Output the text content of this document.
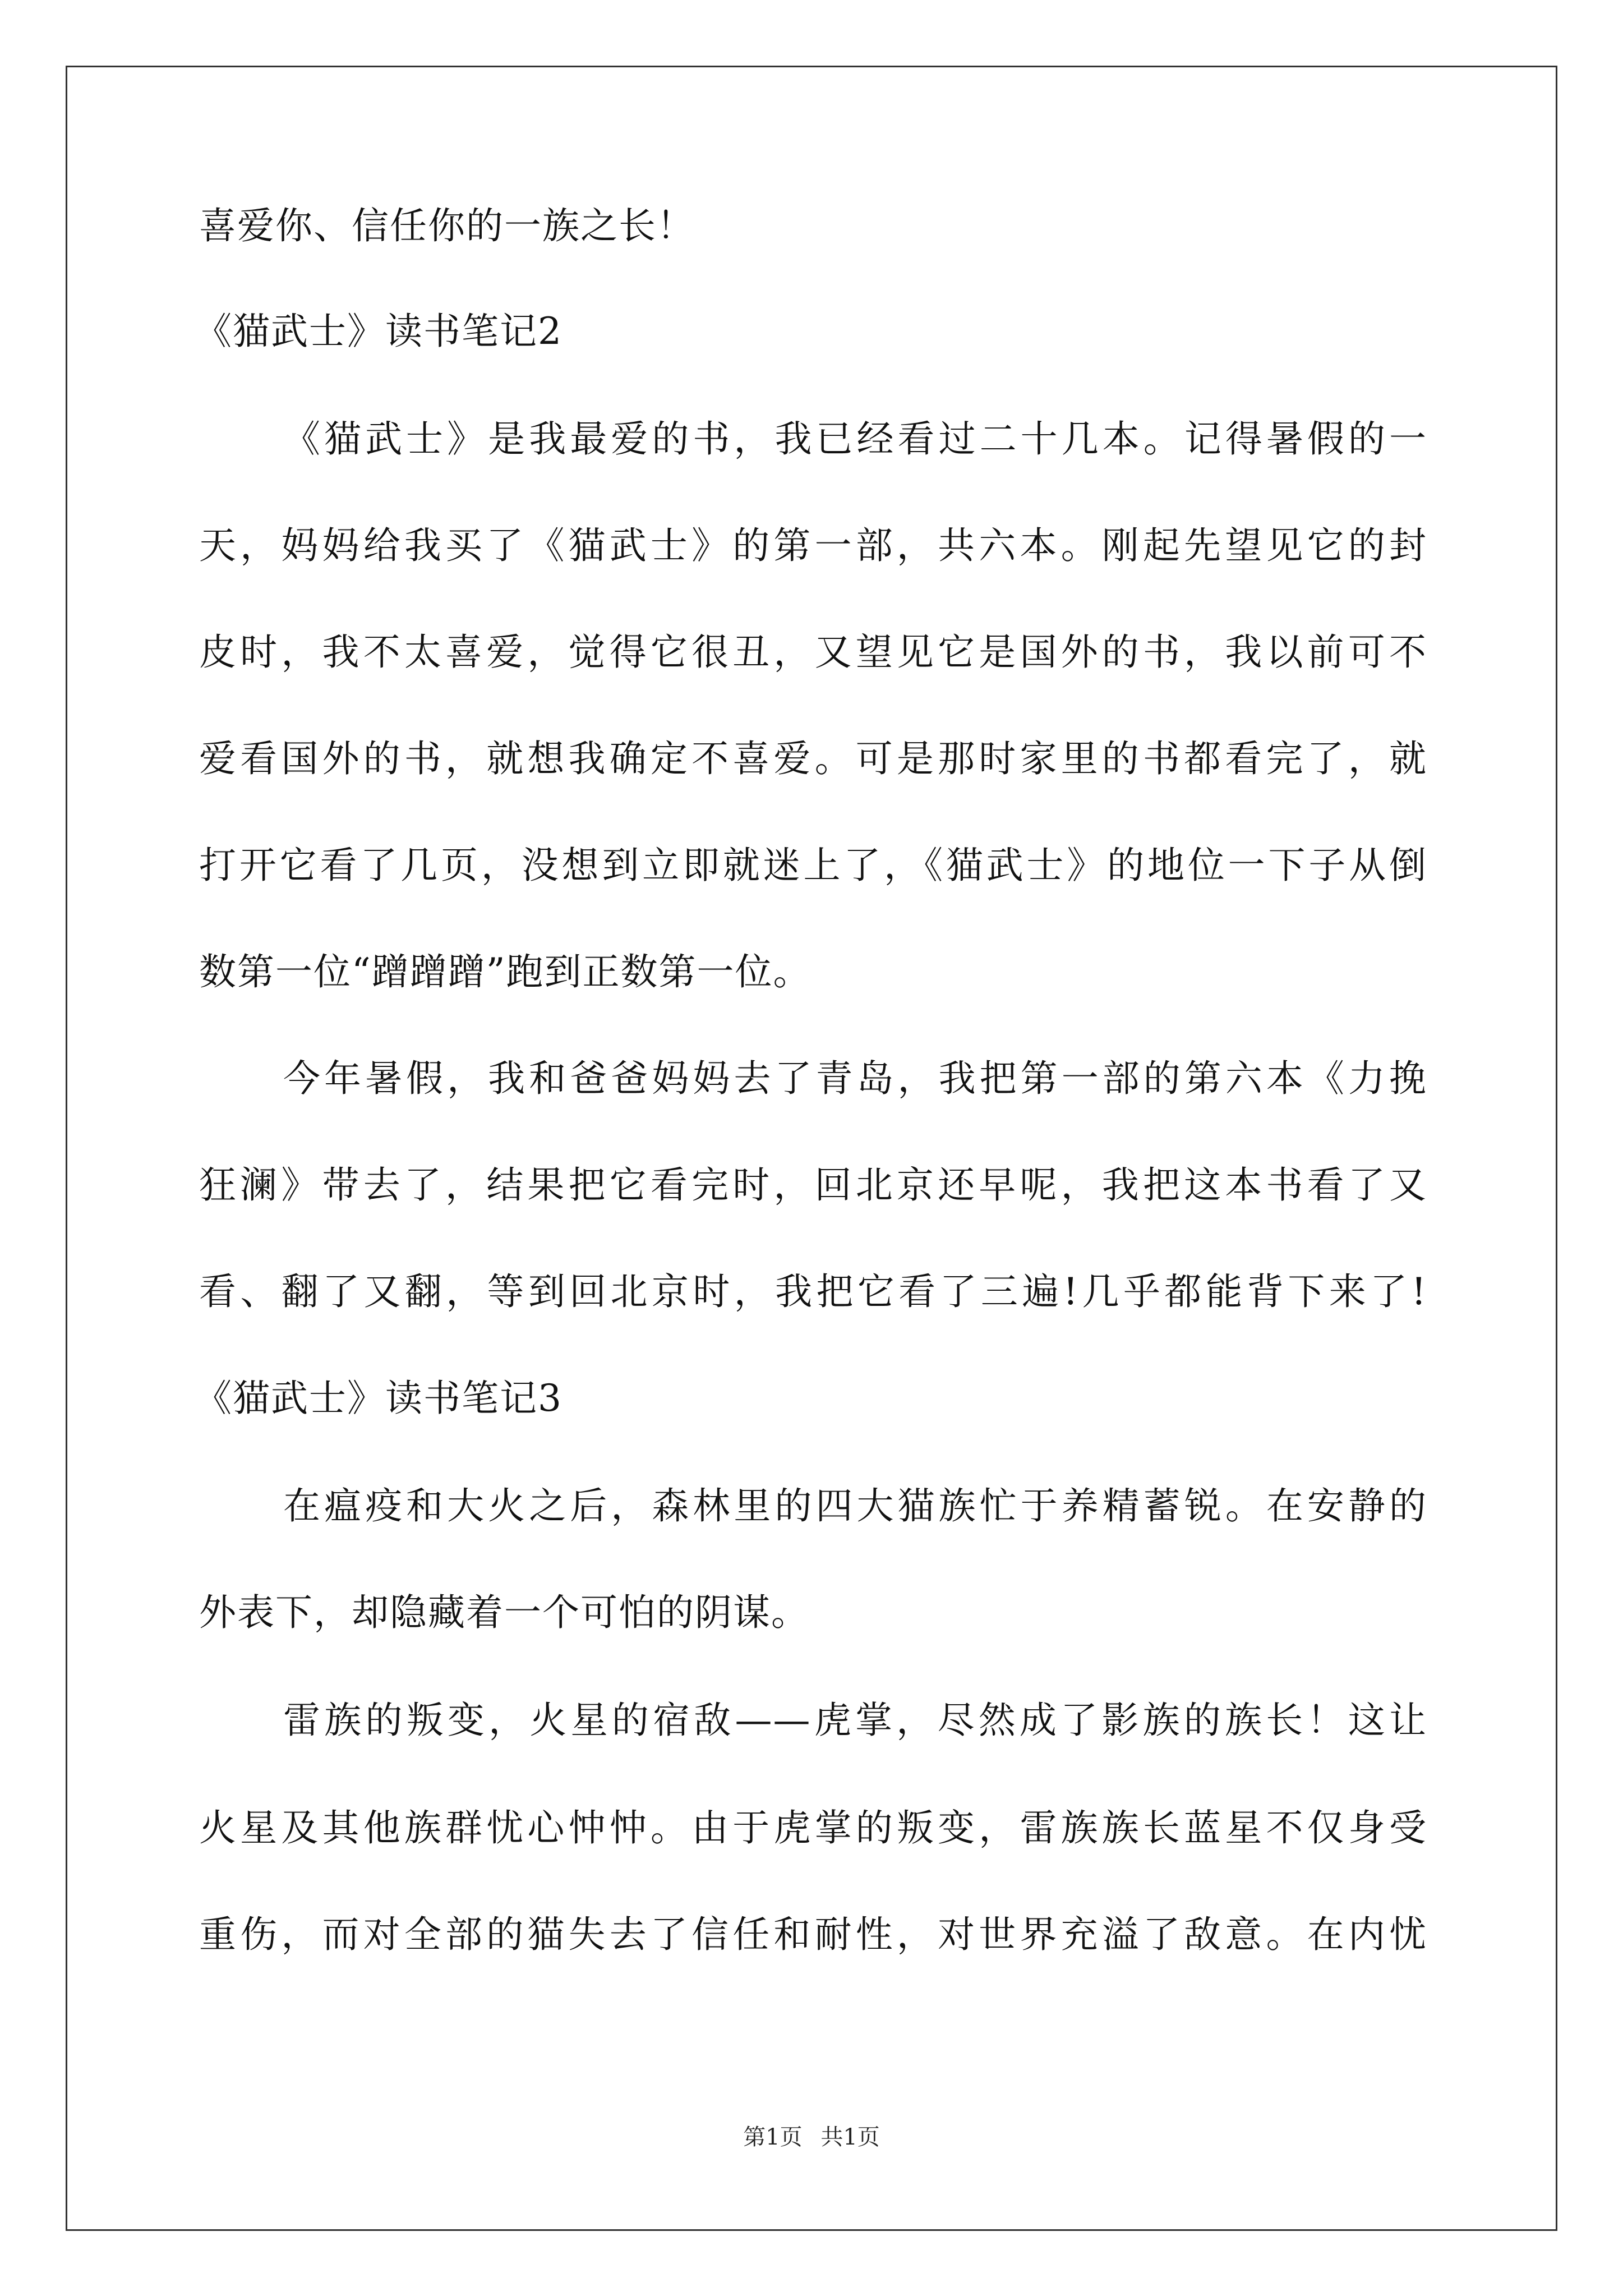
喜爱你、信任你的一族之长！

《猫武士》读书笔记2

《猫武士》是我最爱的书，我已经看过二十几本。记得暑假的一

天，妈妈给我买了《猫武士》的第一部，共六本。刚起先望见它的封

皮时，我不太喜爱，觉得它很丑，又望见它是国外的书，我以前可不

爱看国外的书，就想我确定不喜爱。可是那时家里的书都看完了，就

打开它看了几页，没想到立即就迷上了，《猫武士》的地位一下子从倒

数第一位“蹭蹭蹭”跑到正数第一位。

今年暑假，我和爸爸妈妈去了青岛，我把第一部的第六本《力挽

狂澜》带去了，结果把它看完时，回北京还早呢，我把这本书看了又

看、翻了又翻，等到回北京时，我把它看了三遍!几乎都能背下来了!

《猫武士》读书笔记3

在瘟疫和大火之后，森林里的四大猫族忙于养精蓄锐。在安静的

外表下，却隐藏着一个可怕的阴谋。

雷族的叛变，火星的宿敌——虎掌，尽然成了影族的族长！这让

火星及其他族群忧心忡忡。由于虎掌的叛变，雷族族长蓝星不仅身受

重伤，而对全部的猫失去了信任和耐性，对世界充溢了敌意。在内忧

第1页 共1页
